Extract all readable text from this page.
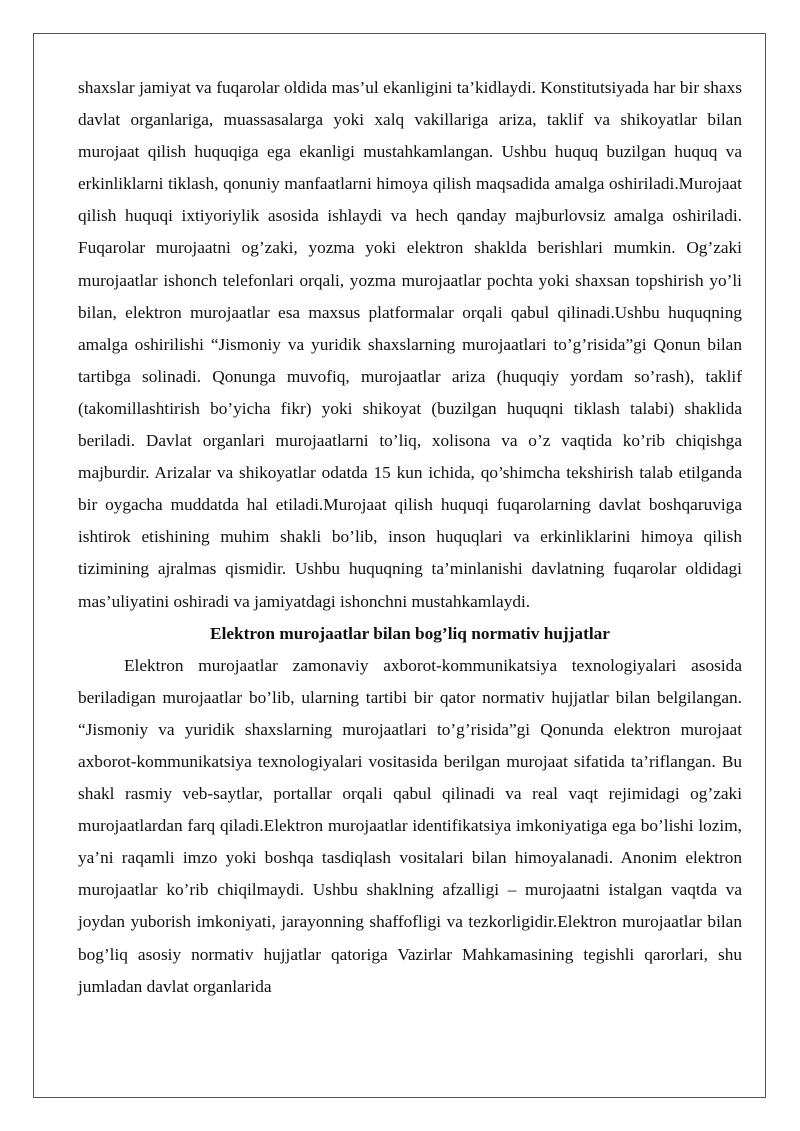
shaxslar jamiyat va fuqarolar oldida mas’ul ekanligini ta’kidlaydi. Konstitutsiyada har bir shaxs davlat organlariga, muassasalarga yoki xalq vakillariga ariza, taklif va shikoyatlar bilan murojaat qilish huquqiga ega ekanligi mustahkamlangan. Ushbu huquq buzilgan huquq va erkinliklarni tiklash, qonuniy manfaatlarni himoya qilish maqsadida amalga oshiriladi.Murojaat qilish huquqi ixtiyoriylik asosida ishlaydi va hech qanday majburlovsiz amalga oshiriladi. Fuqarolar murojaatni og’zaki, yozma yoki elektron shaklda berishlari mumkin. Og’zaki murojaatlar ishonch telefonlari orqali, yozma murojaatlar pochta yoki shaxsan topshirish yo’li bilan, elektron murojaatlar esa maxsus platformalar orqali qabul qilinadi.Ushbu huquqning amalga oshirilishi “Jismoniy va yuridik shaxslarning murojaatlari to’g’risida”gi Qonun bilan tartibga solinadi. Qonunga muvofiq, murojaatlar ariza (huquqiy yordam so’rash), taklif (takomillashtirish bo’yicha fikr) yoki shikoyat (buzilgan huquqni tiklash talabi) shaklida beriladi. Davlat organlari murojaatlarni to’liq, xolisona va o’z vaqtida ko’rib chiqishga majburdir. Arizalar va shikoyatlar odatda 15 kun ichida, qo’shimcha tekshirish talab etilganda bir oygacha muddatda hal etiladi.Murojaat qilish huquqi fuqarolarning davlat boshqaruviga ishtirok etishining muhim shakli bo’lib, inson huquqlari va erkinliklarini himoya qilish tizimining ajralmas qismidir. Ushbu huquqning ta’minlanishi davlatning fuqarolar oldidagi mas’uliyatini oshiradi va jamiyatdagi ishonchni mustahkamlaydi.

Elektron murojaatlar bilan bog’liq normativ hujjatlar

Elektron murojaatlar zamonaviy axborot-kommunikatsiya texnologiyalari asosida beriladigan murojaatlar bo’lib, ularning tartibi bir qator normativ hujjatlar bilan belgilangan. “Jismoniy va yuridik shaxslarning murojaatlari to’g’risida”gi Qonunda elektron murojaat axborot-kommunikatsiya texnologiyalari vositasida berilgan murojaat sifatida ta’riflangan. Bu shakl rasmiy veb-saytlar, portallar orqali qabul qilinadi va real vaqt rejimidagi og’zaki murojaatlardan farq qiladi.Elektron murojaatlar identifikatsiya imkoniyatiga ega bo’lishi lozim, ya’ni raqamli imzo yoki boshqa tasdiqlash vositalari bilan himoyalanadi. Anonim elektron murojaatlar ko’rib chiqilmaydi. Ushbu shaklning afzalligi – murojaatni istalgan vaqtda va joydan yuborish imkoniyati, jarayonning shaffofligi va tezkorligidir.Elektron murojaatlar bilan bog’liq asosiy normativ hujjatlar qatoriga Vazirlar Mahkamasining tegishli qarorlari, shu jumladan davlat organlarida
